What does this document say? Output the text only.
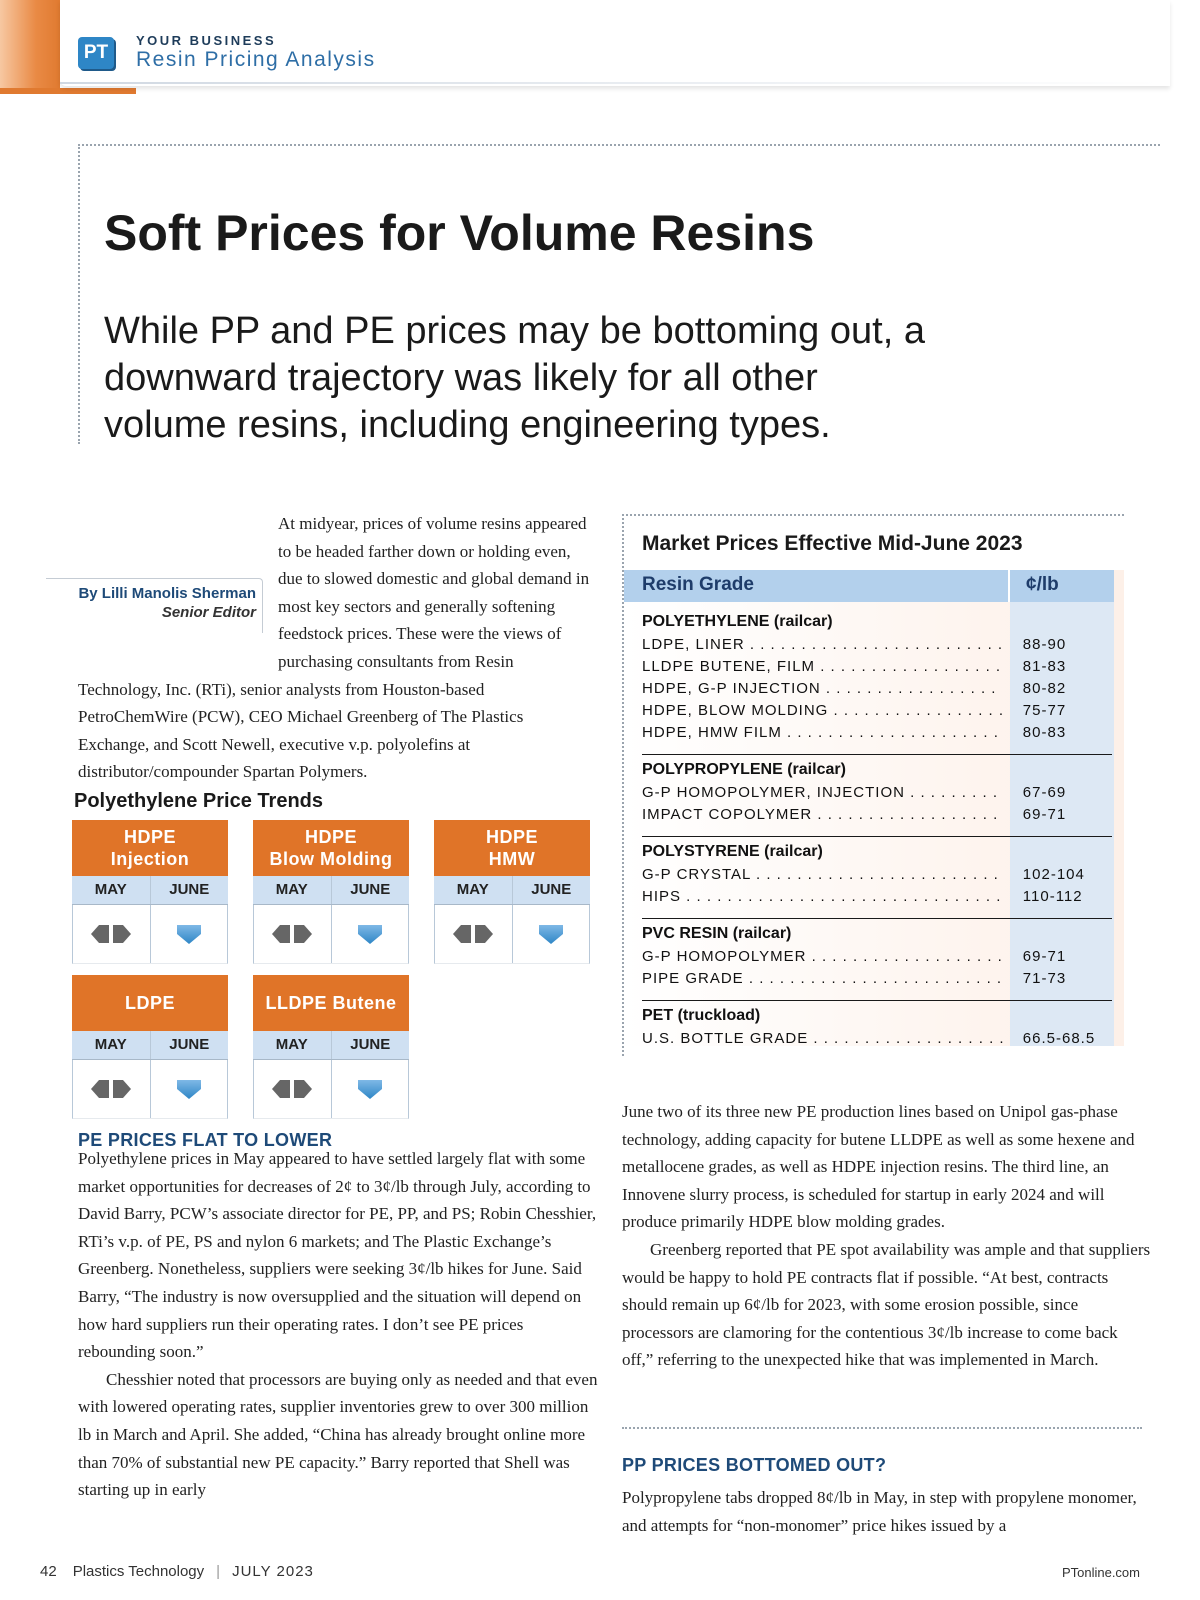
PT
YOUR BUSINESS
Resin Pricing Analysis
Soft Prices for Volume Resins

While PP and PE prices may be bottoming out, a downward trajectory was likely for all other volume resins, including engineering types.

At midyear, prices of volume resins appeared to be headed farther down or holding even, due to slowed domestic and global demand in most key sectors and generally softening feedstock prices. These were the views of purchasing consultants from Resin Technology, Inc. (RTi), senior analysts from Houston-based PetroChemWire (PCW), CEO Michael Greenberg of The Plastics Exchange, and Scott Newell, executive v.p. polyolefins at distributor/compounder Spartan Polymers.

By Lilli Manolis Sherman
Senior Editor
Polyethylene Price Trends
HDPE
Injection
MAY	JUNE
HDPE
Blow Molding
MAY	JUNE
HDPE
HMW
MAY	JUNE
LDPE
MAY	JUNE
LLDPE Butene
MAY	JUNE
PE PRICES FLAT TO LOWER

Polyethylene prices in May appeared to have settled largely flat with some market opportunities for decreases of 2¢ to 3¢/lb through July, according to David Barry, PCW’s associate director for PE, PP, and PS; Robin Chesshier, RTi’s v.p. of PE, PS and nylon 6 markets; and The Plastic Exchange’s Greenberg. Nonetheless, suppliers were seeking 3¢/lb hikes for June. Said Barry, “The industry is now oversupplied and the situation will depend on how hard suppliers run their operating rates. I don’t see PE prices rebounding soon.”

Chesshier noted that processors are buying only as needed and that even with lowered operating rates, supplier inventories grew to over 300 million lb in March and April. She added, “China has already brought online more than 70% of substantial new PE capacity.” Barry reported that Shell was starting up in early

Market Prices Effective Mid-June 2023
Resin Grade	¢/lb
POLYETHYLENE (railcar)
LDPE, LINER . . .	88-90
LLDPE BUTENE, FILM . . .	81-83
HDPE, G-P INJECTION . . .	80-82
HDPE, BLOW MOLDING . . .	75-77
HDPE, HMW FILM . . .	80-83
POLYPROPYLENE (railcar)
G-P HOMOPOLYMER, INJECTION . . .	67-69
IMPACT COPOLYMER . . .	69-71
POLYSTYRENE (railcar)
G-P CRYSTAL . . .	102-104
HIPS . . .	110-112
PVC RESIN (railcar)
G-P HOMOPOLYMER . . .	69-71
PIPE GRADE . . .	71-73
PET (truckload)
U.S. BOTTLE GRADE . . .	66.5-68.5

June two of its three new PE production lines based on Unipol gas-phase technology, adding capacity for butene LLDPE as well as some hexene and metallocene grades, as well as HDPE injection resins. The third line, an Innovene slurry process, is scheduled for startup in early 2024 and will produce primarily HDPE blow molding grades.

Greenberg reported that PE spot availability was ample and that suppliers would be happy to hold PE contracts flat if possible. “At best, contracts should remain up 6¢/lb for 2023, with some erosion possible, since processors are clamoring for the contentious 3¢/lb increase to come back off,” referring to the unexpected hike that was implemented in March.

PP PRICES BOTTOMED OUT?

Polypropylene tabs dropped 8¢/lb in May, in step with propylene monomer, and attempts for “non-monomer” price hikes issued by a

42 Plastics Technology | JULY 2023	PTonline.com
